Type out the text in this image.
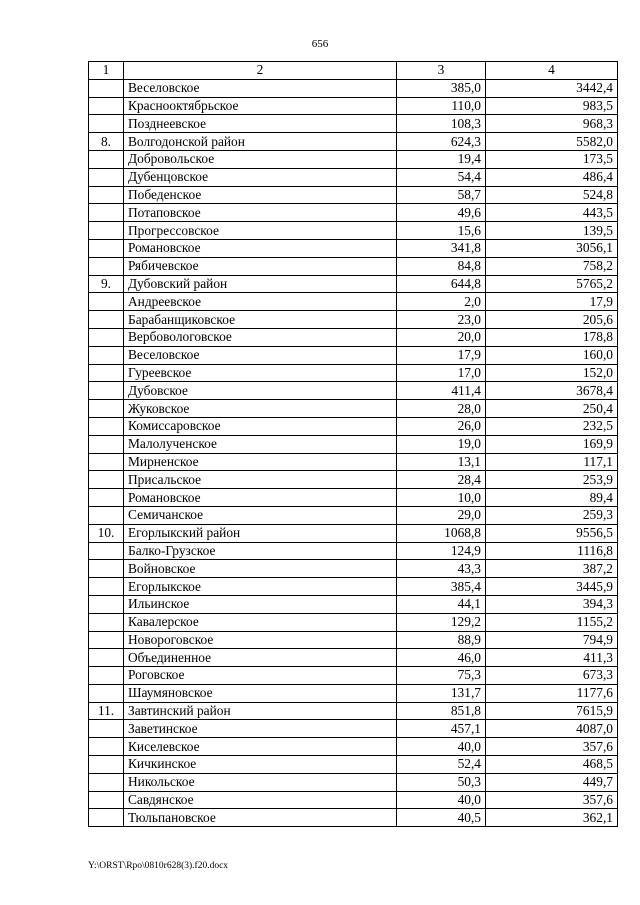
656
1	2	3	4
	Веселовское	385,0	3442,4
	Краснооктябрьское	110,0	983,5
	Позднеевское	108,3	968,3
8.	Волгодонской район	624,3	5582,0
	Добровольское	19,4	173,5
	Дубенцовское	54,4	486,4
	Победенское	58,7	524,8
	Потаповское	49,6	443,5
	Прогрессовское	15,6	139,5
	Романовское	341,8	3056,1
	Рябичевское	84,8	758,2
9.	Дубовский район	644,8	5765,2
	Андреевское	2,0	17,9
	Барабанщиковское	23,0	205,6
	Вербовологовское	20,0	178,8
	Веселовское	17,9	160,0
	Гуреевское	17,0	152,0
	Дубовское	411,4	3678,4
	Жуковское	28,0	250,4
	Комиссаровское	26,0	232,5
	Малолученское	19,0	169,9
	Мирненское	13,1	117,1
	Присальское	28,4	253,9
	Романовское	10,0	89,4
	Семичанское	29,0	259,3
10.	Егорлыкский район	1068,8	9556,5
	Балко-Грузское	124,9	1116,8
	Войновское	43,3	387,2
	Егорлыкское	385,4	3445,9
	Ильинское	44,1	394,3
	Кавалерское	129,2	1155,2
	Новороговское	88,9	794,9
	Объединенное	46,0	411,3
	Роговское	75,3	673,3
	Шаумяновское	131,7	1177,6
11.	Завтинский район	851,8	7615,9
	Заветинское	457,1	4087,0
	Киселевское	40,0	357,6
	Кичкинское	52,4	468,5
	Никольское	50,3	449,7
	Савдянское	40,0	357,6
	Тюльпановское	40,5	362,1
Y:\ORST\Rpo\0810r628(3).f20.docx
